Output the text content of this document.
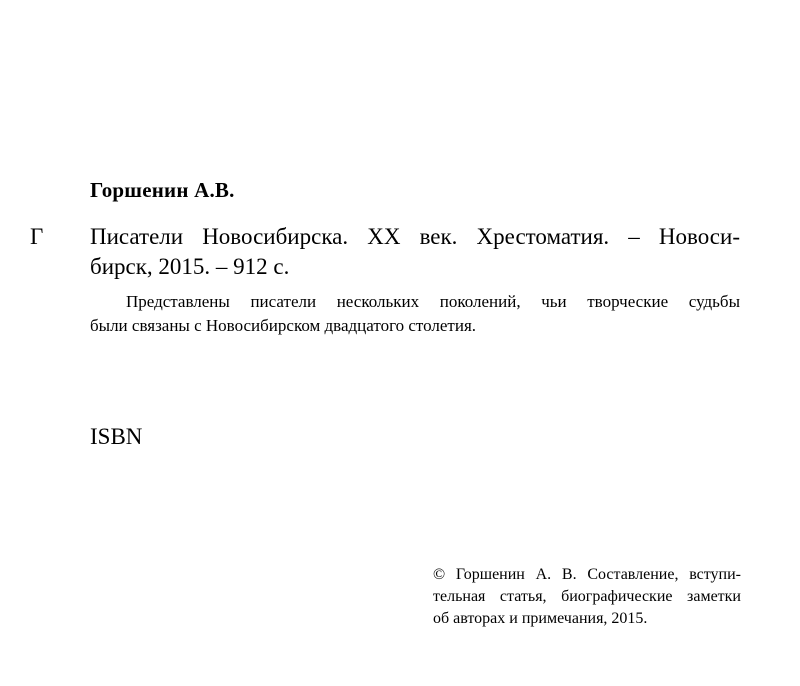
Горшенин А.В.
Г Писатели Новосибирска. XX век. Хрестоматия. – Новоси-
бирск, 2015. – 912 с.
Представлены писатели нескольких поколений, чьи творческие судьбы
были связаны с Новосибирском двадцатого столетия.
ISBN
© Горшенин А. В. Составление, вступи-
тельная статья, биографические заметки
об авторах и примечания, 2015.
